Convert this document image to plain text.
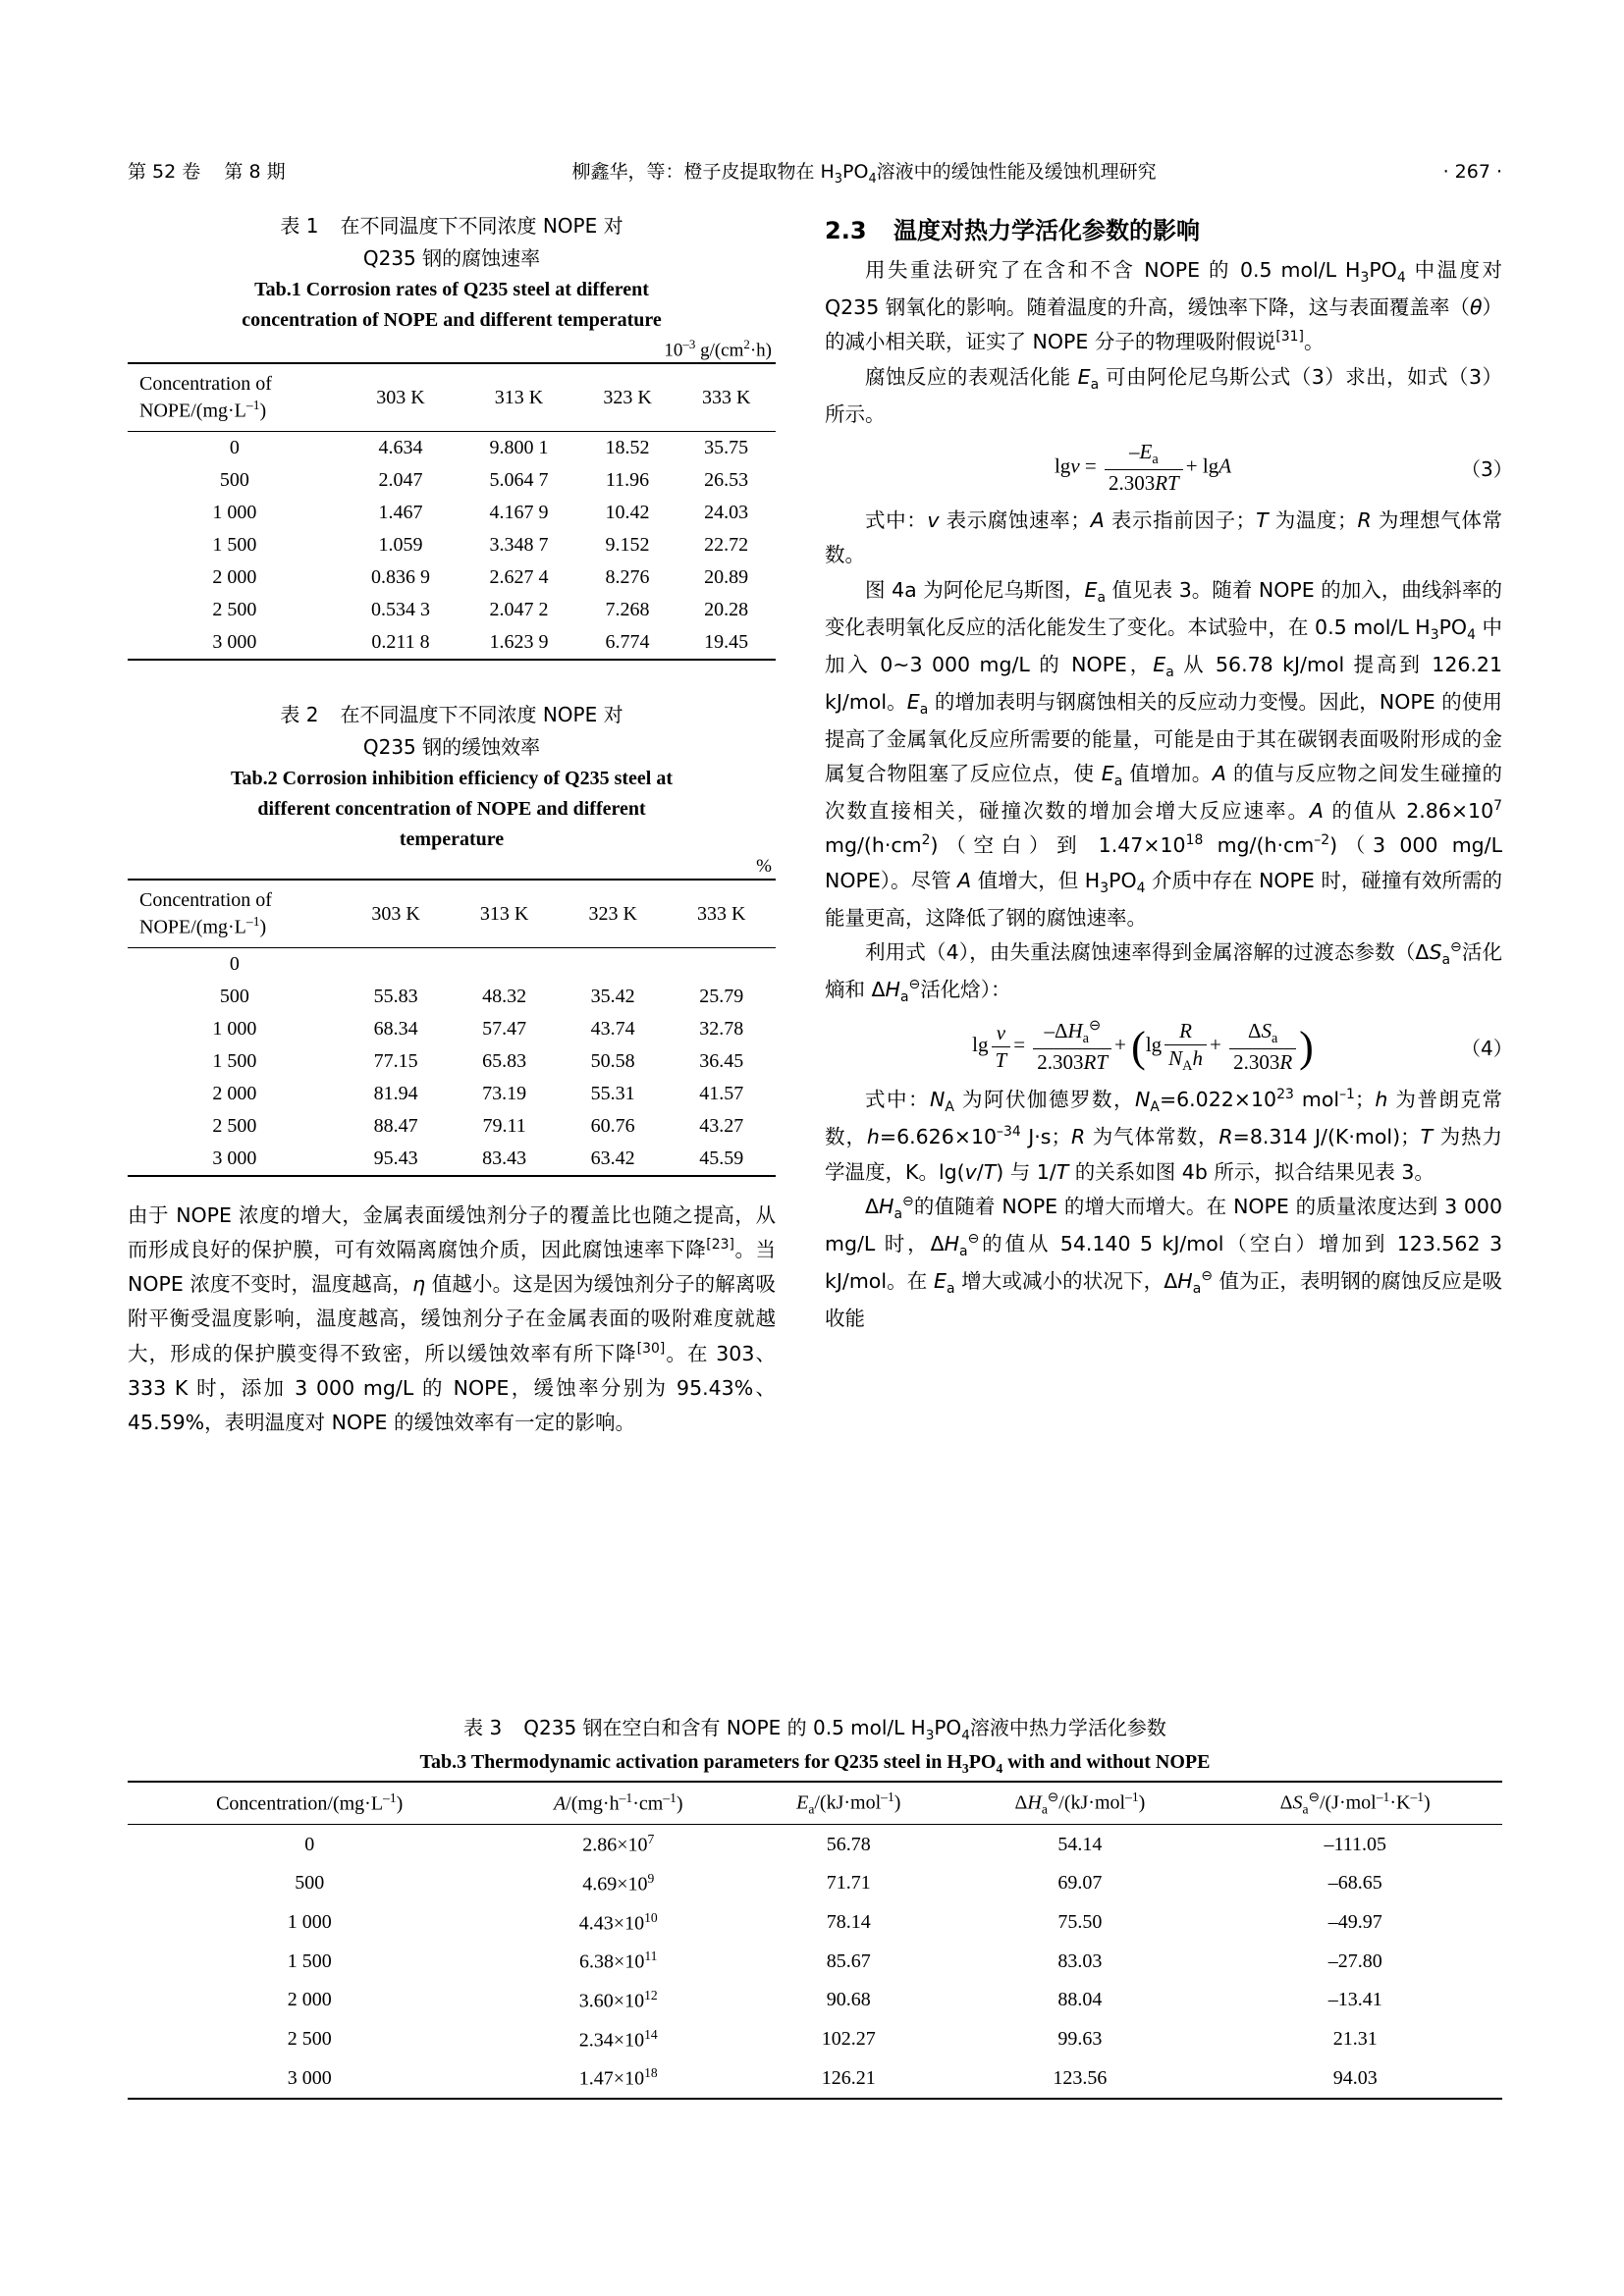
第 52 卷    第 8 期	柳鑫华，等：橙子皮提取物在 $H_3PO_4$溶液中的缓蚀性能及缓蚀机理研究	· 267 ·
表 1 在不同温度下不同浓度 NOPE 对
Q235 钢的腐蚀速率
Tab.1 Corrosion rates of Q235 steel at different
concentration of NOPE and different temperature
$10^{-3}$ $g/(cm^2\cdot h)$
Concentration of
NOPE/$(mg\cdot L^{-1})$	303 K	313 K	323 K	333 K
0	4.634	9.800 1	18.52	35.75
500	2.047	5.064 7	11.96	26.53
1 000	1.467	4.167 9	10.42	24.03
1 500	1.059	3.348 7	9.152	22.72
2 000	0.836 9	2.627 4	8.276	20.89
2 500	0.534 3	2.047 2	7.268	20.28
3 000	0.211 8	1.623 9	6.774	19.45
表 2 在不同温度下不同浓度 NOPE 对
Q235 钢的缓蚀效率
Tab.2 Corrosion inhibition efficiency of Q235 steel at
different concentration of NOPE and different
temperature
%
Concentration of
NOPE/$(mg\cdot L^{-1})$	303 K	313 K	323 K	333 K
0				
500	55.83	48.32	35.42	25.79
1 000	68.34	57.47	43.74	32.78
1 500	77.15	65.83	50.58	36.45
2 000	81.94	73.19	55.31	41.57
2 500	88.47	79.11	60.76	43.27
3 000	95.43	83.43	63.42	45.59

由于 NOPE 浓度的增大，金属表面缓蚀剂分子的覆盖比也随之提高，从而形成良好的保护膜，可有效隔离腐蚀介质，因此腐蚀速率下降[23]。当 NOPE 浓度不变时，温度越高，η 值越小。这是因为缓蚀剂分子的解离吸附平衡受温度影响，温度越高，缓蚀剂分子在金属表面的吸附难度就越大，形成的保护膜变得不致密，所以缓蚀效率有所下降[30]。在 303、333 K 时，添加 3 000 mg/L 的 NOPE，缓蚀率分别为 95.43%、45.59%，表明温度对 NOPE 的缓蚀效率有一定的影响。

2.3 温度对热力学活化参数的影响

用失重法研究了在含和不含 NOPE 的 0.5 mol/L $H_3PO_4$ 中温度对 Q235 钢氧化的影响。随着温度的升高，缓蚀率下降，这与表面覆盖率（θ）的减小相关联，证实了 NOPE 分子的物理吸附假说[31]。

腐蚀反应的表观活化能 $E_a$ 可由阿伦尼乌斯公式（3）求出，如式（3）所示。

$\lg v = \frac{-E_a}{2.303RT} + \lg A$	（3）

式中：v 表示腐蚀速率；A 表示指前因子；T 为温度；R 为理想气体常数。

图 4a 为阿伦尼乌斯图，$E_a$ 值见表 3。随着 NOPE 的加入，曲线斜率的变化表明氧化反应的活化能发生了变化。本试验中，在 0.5 mol/L $H_3PO_4$ 中加入 0~3 000 mg/L 的 NOPE，$E_a$ 从 56.78 kJ/mol 提高到 126.21 kJ/mol。$E_a$ 的增加表明与钢腐蚀相关的反应动力变慢。因此，NOPE 的使用提高了金属氧化反应所需要的能量，可能是由于其在碳钢表面吸附形成的金属复合物阻塞了反应位点，使 $E_a$ 值增加。A 的值与反应物之间发生碰撞的次数直接相关，碰撞次数的增加会增大反应速率。A 的值从 $2.86\times 10^7$ $mg/(h\cdot cm^2)$（空白）到 $1.47\times 10^{18}$ $mg/(h\cdot cm^{-2})(3$ 000 mg/L NOPE）。尽管 A 值增大，但 $H_3PO_4$ 介质中存在 NOPE 时，碰撞有效所需的能量更高，这降低了钢的腐蚀速率。

利用式（4），由失重法腐蚀速率得到金属溶解的过渡态参数（$\Delta S_a^⊖$活化熵和 $\Delta H_a^⊖$活化焓）：

$\lg \frac{v}{T} = \frac{-\Delta H_a^⊖}{2.303RT} + (\lg \frac{R}{N_Ah} + \frac{\Delta S_a}{2.303R}$ )	（4）

式中：$N_A$ 为阿伏伽德罗数，$N_A=6.022\times 10^{23}$ mol$^{-1}$；h 为普朗克常数，$h=6.626\times 10^{-34}$ J·s；R 为气体常数，R=8.314 J/(K·mol)；T 为热力学温度，K。lg(v/T) 与 1/T 的关系如图 4b 所示，拟合结果见表 3。

$\Delta H_a^⊖$的值随着 NOPE 的增大而增大。在 NOPE 的质量浓度达到 3 000 mg/L 时，$\Delta H_a^⊖$的值从 54.140 5 kJ/mol（空白）增加到 123.562 3 kJ/mol。在 $E_a$ 增大或减小的状况下，$\Delta H_a^⊖$ 值为正，表明钢的腐蚀反应是吸收能

表 3 Q235 钢在空白和含有 NOPE 的 0.5 mol/L $H_3PO_4$溶液中热力学活化参数
Tab.3 Thermodynamic activation parameters for Q235 steel in $H_3PO_4$ with and without NOPE
Concentration/$(mg\cdot L^{-1})$	$A/(mg\cdot h^{-1}\cdot cm^{-1})$	$E_a/(kJ\cdot mol^{-1})$	$\Delta H_a^⊖/(kJ\cdot mol^{-1})$	$\Delta S_a^⊖/(J\cdot mol^{-1}\cdot K^{-1})$
0	$2.86\times 10^7$	56.78	54.14	–111.05
500	$4.69\times 10^9$	71.71	69.07	–68.65
1 000	$4.43\times 10^{10}$	78.14	75.50	–49.97
1 500	$6.38\times 10^{11}$	85.67	83.03	–27.80
2 000	$3.60\times 10^{12}$	90.68	88.04	–13.41
2 500	$2.34\times 10^{14}$	102.27	99.63	21.31
3 000	$1.47\times 10^{18}$	126.21	123.56	94.03
